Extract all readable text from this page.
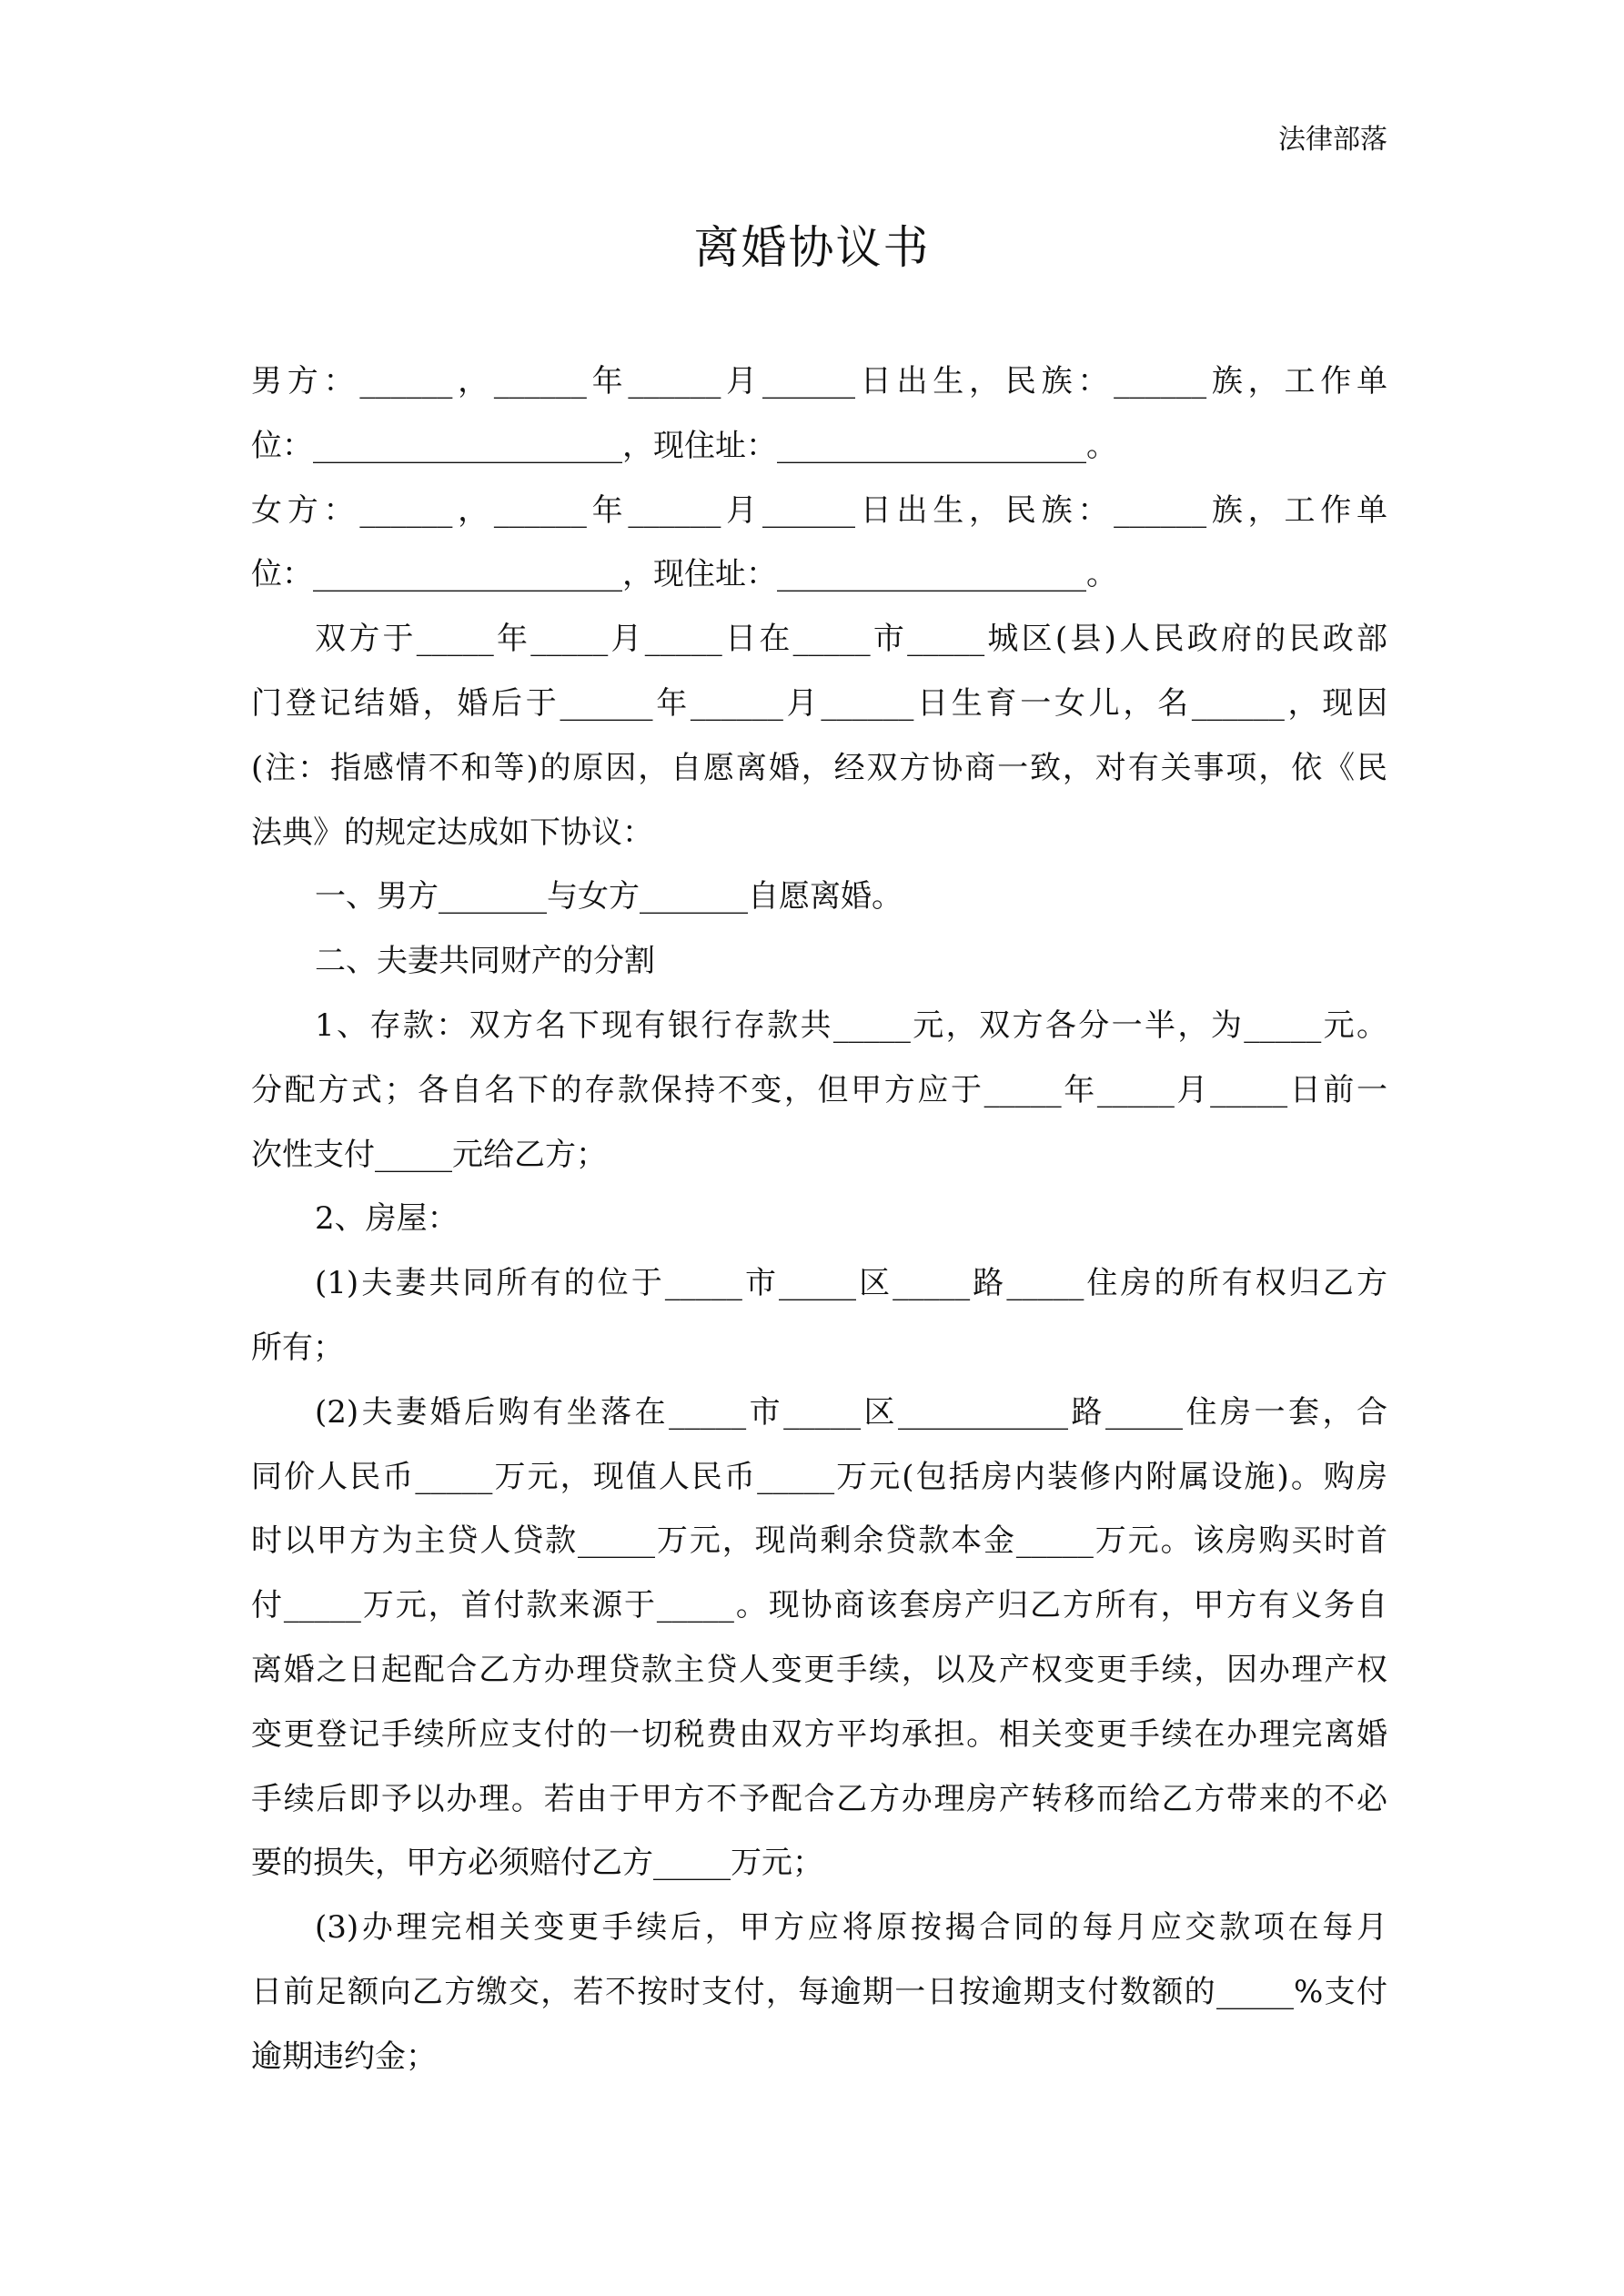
法律部落
离婚协议书
男方：______，______年______月______日出生，民族：______族，工作单
位：____________________，现住址：____________________。
女方：______，______年______月______日出生，民族：______族，工作单
位：____________________，现住址：____________________。
双方于_____年_____月_____日在_____市_____城区(县)人民政府的民政部
门登记结婚，婚后于______年______月______日生育一女儿，名______，现因
(注：指感情不和等)的原因，自愿离婚，经双方协商一致，对有关事项，依《民
法典》的规定达成如下协议：
一、男方_______与女方_______自愿离婚。
二、夫妻共同财产的分割
1、存款：双方名下现有银行存款共_____元，双方各分一半，为_____元。
分配方式；各自名下的存款保持不变，但甲方应于_____年_____月_____日前一
次性支付_____元给乙方；
2、房屋：
(1)夫妻共同所有的位于_____市_____区_____路_____住房的所有权归乙方
所有；
(2)夫妻婚后购有坐落在_____市_____区___________路_____住房一套，合
同价人民币_____万元，现值人民币_____万元(包括房内装修内附属设施)。购房
时以甲方为主贷人贷款_____万元，现尚剩余贷款本金_____万元。该房购买时首
付_____万元，首付款来源于_____。现协商该套房产归乙方所有，甲方有义务自
离婚之日起配合乙方办理贷款主贷人变更手续，以及产权变更手续，因办理产权
变更登记手续所应支付的一切税费由双方平均承担。相关变更手续在办理完离婚
手续后即予以办理。若由于甲方不予配合乙方办理房产转移而给乙方带来的不必
要的损失，甲方必须赔付乙方_____万元；
(3)办理完相关变更手续后，甲方应将原按揭合同的每月应交款项在每月
日前足额向乙方缴交，若不按时支付，每逾期一日按逾期支付数额的_____%支付
逾期违约金；
